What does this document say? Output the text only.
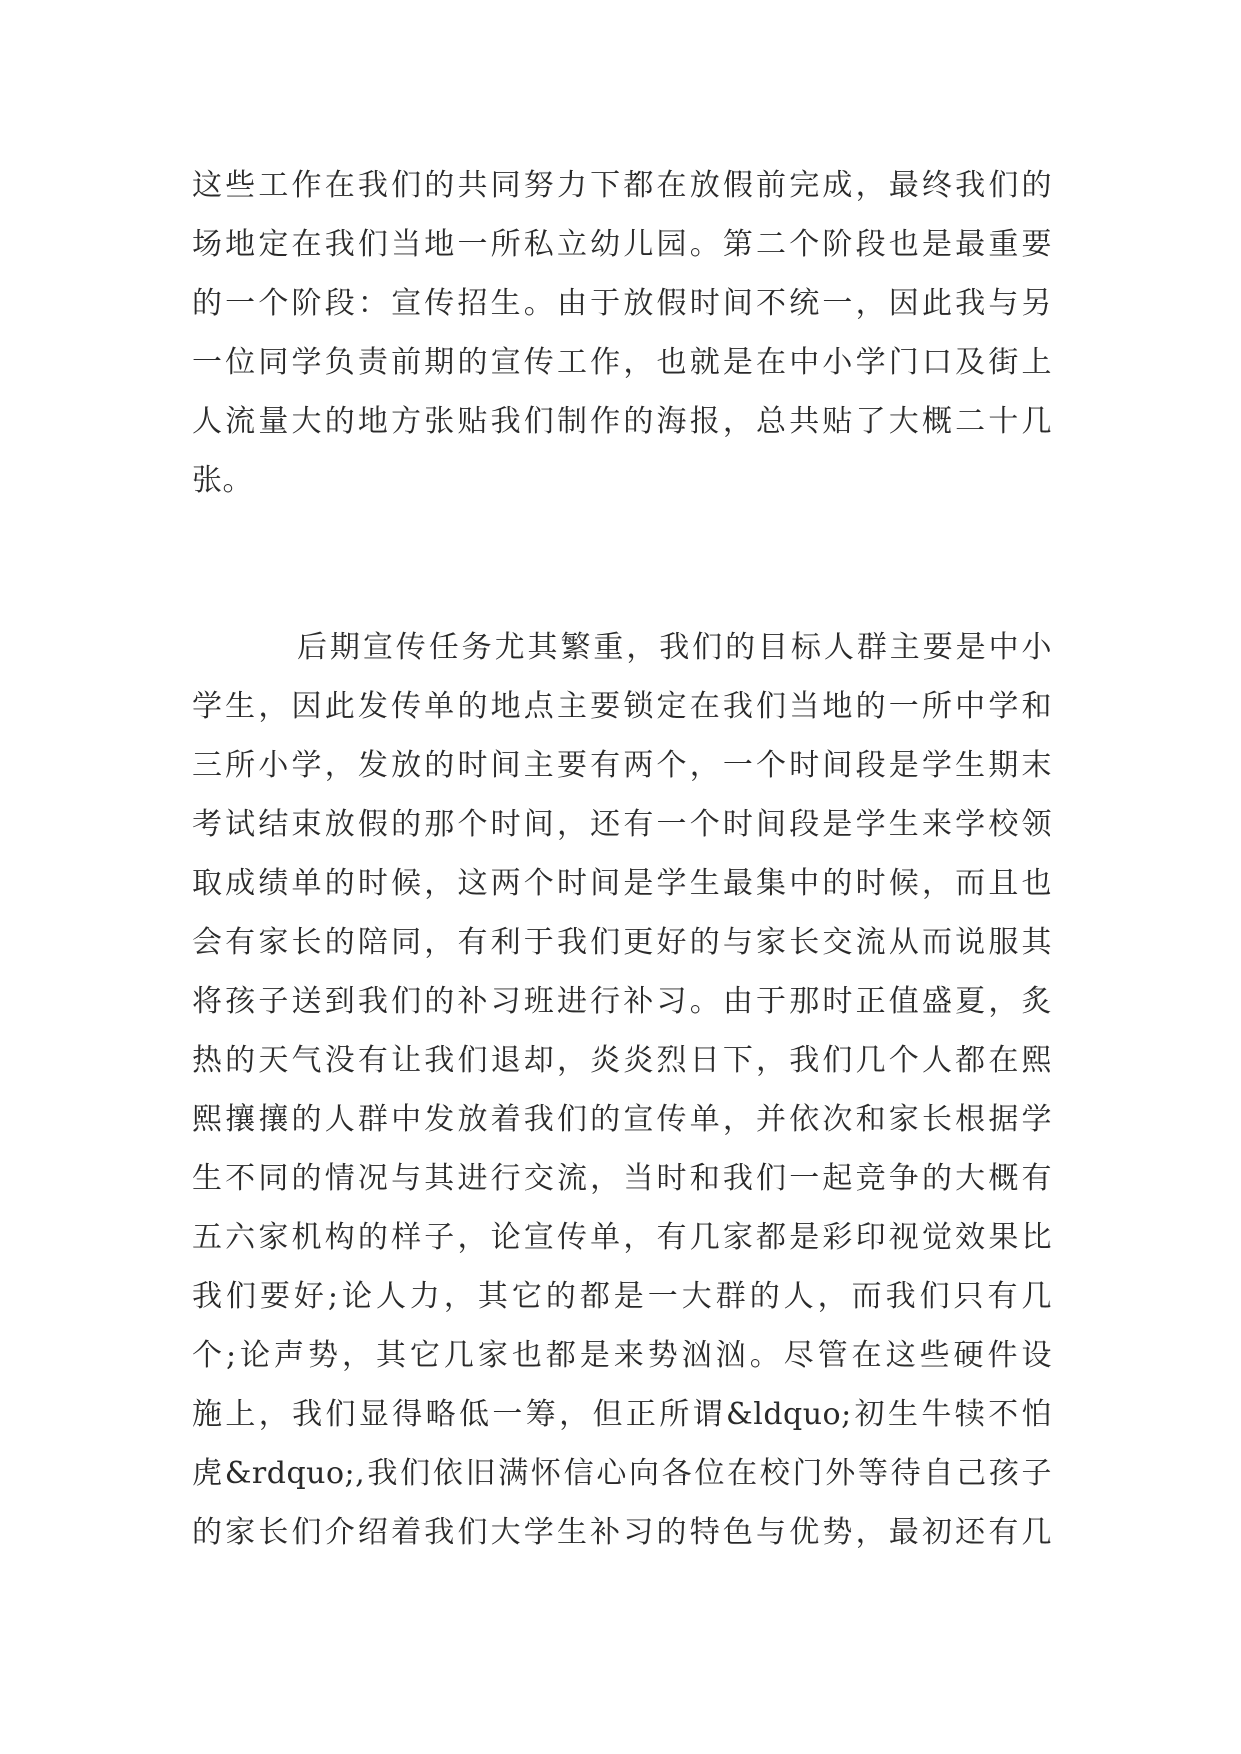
这些工作在我们的共同努力下都在放假前完成，最终我们的
场地定在我们当地一所私立幼儿园。第二个阶段也是最重要
的一个阶段：宣传招生。由于放假时间不统一，因此我与另
一位同学负责前期的宣传工作，也就是在中小学门口及街上
人流量大的地方张贴我们制作的海报，总共贴了大概二十几
张。
后期宣传任务尤其繁重，我们的目标人群主要是中小
学生，因此发传单的地点主要锁定在我们当地的一所中学和
三所小学，发放的时间主要有两个，一个时间段是学生期末
考试结束放假的那个时间，还有一个时间段是学生来学校领
取成绩单的时候，这两个时间是学生最集中的时候，而且也
会有家长的陪同，有利于我们更好的与家长交流从而说服其
将孩子送到我们的补习班进行补习。由于那时正值盛夏，炙
热的天气没有让我们退却，炎炎烈日下，我们几个人都在熙
熙攘攘的人群中发放着我们的宣传单，并依次和家长根据学
生不同的情况与其进行交流，当时和我们一起竞争的大概有
五六家机构的样子，论宣传单，有几家都是彩印视觉效果比
我们要好;论人力，其它的都是一大群的人，而我们只有几
个;论声势，其它几家也都是来势汹汹。尽管在这些硬件设
施上，我们显得略低一筹，但正所谓&ldquo;初生牛犊不怕
虎&rdquo;,我们依旧满怀信心向各位在校门外等待自己孩子
的家长们介绍着我们大学生补习的特色与优势，最初还有几
